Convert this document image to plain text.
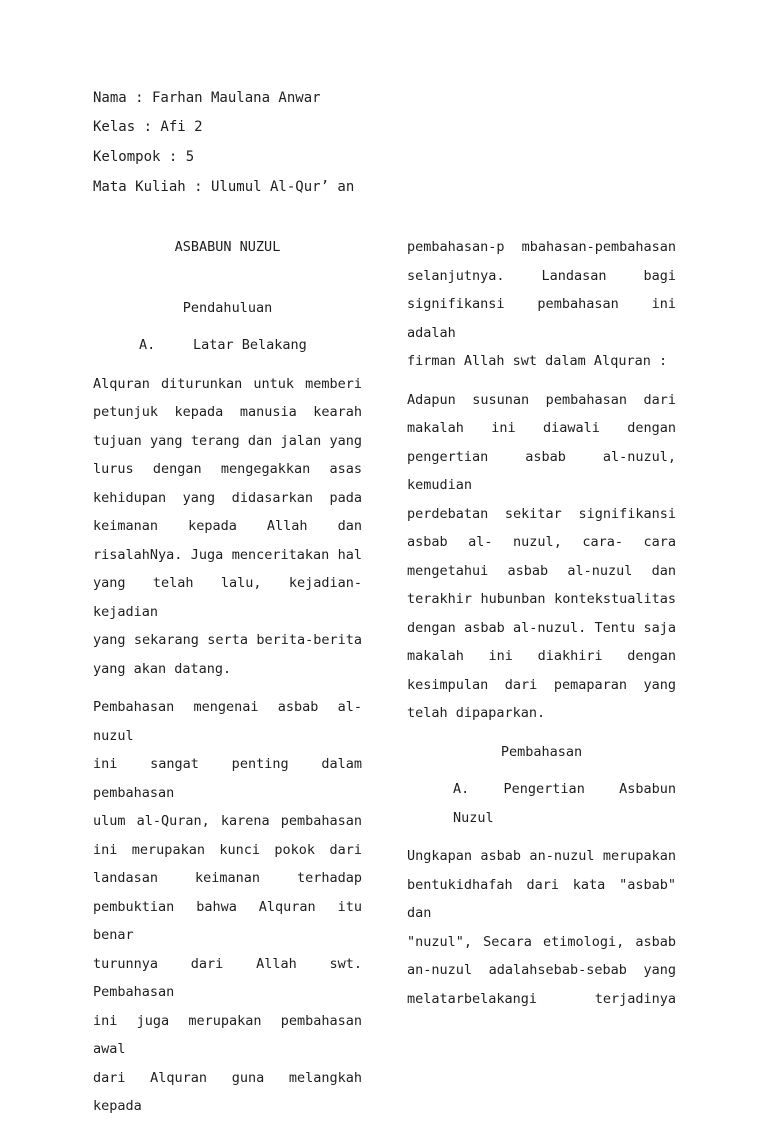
Nama : Farhan Maulana Anwar
Kelas : Afi 2
Kelompok : 5
Mata Kuliah : Ulumul Al-Qur’ an

ASBABUN NUZUL

Pendahuluan

A.	Latar Belakang

Alquran diturunkan untuk memberi

petunjuk kepada manusia kearah

tujuan yang terang dan jalan yang

lurus dengan mengegakkan asas

kehidupan yang didasarkan pada

keimanan kepada Allah dan

risalahNya. Juga menceritakan hal

yang telah lalu, kejadian-kejadian

yang sekarang serta berita-berita

yang akan datang.

Pembahasan mengenai asbab al-nuzul

ini sangat penting dalam pembahasan

ulum al-Quran, karena pembahasan

ini merupakan kunci pokok dari

landasan keimanan terhadap

pembuktian bahwa Alquran itu benar

turunnya dari Allah swt. Pembahasan

ini juga merupakan pembahasan awal

dari Alquran guna melangkah kepada

pembahasan-p mbahasan-pembahasan

selanjutnya. Landasan bagi

signifikansi pembahasan ini adalah

firman Allah swt dalam Alquran :

Adapun susunan pembahasan dari

makalah ini diawali dengan

pengertian asbab al-nuzul, kemudian

perdebatan sekitar signifikansi

asbab al- nuzul, cara- cara

mengetahui asbab al-nuzul dan

terakhir hubunban kontekstualitas

dengan asbab al-nuzul. Tentu saja

makalah ini diakhiri dengan

kesimpulan dari pemaparan yang

telah dipaparkan.

Pembahasan

A. Pengertian Asbabun

Nuzul

Ungkapan asbab an-nuzul merupakan

bentukidhafah dari kata "asbab" dan

"nuzul", Secara etimologi, asbab

an-nuzul adalahsebab-sebab yang

melatarbelakangi terjadinya
